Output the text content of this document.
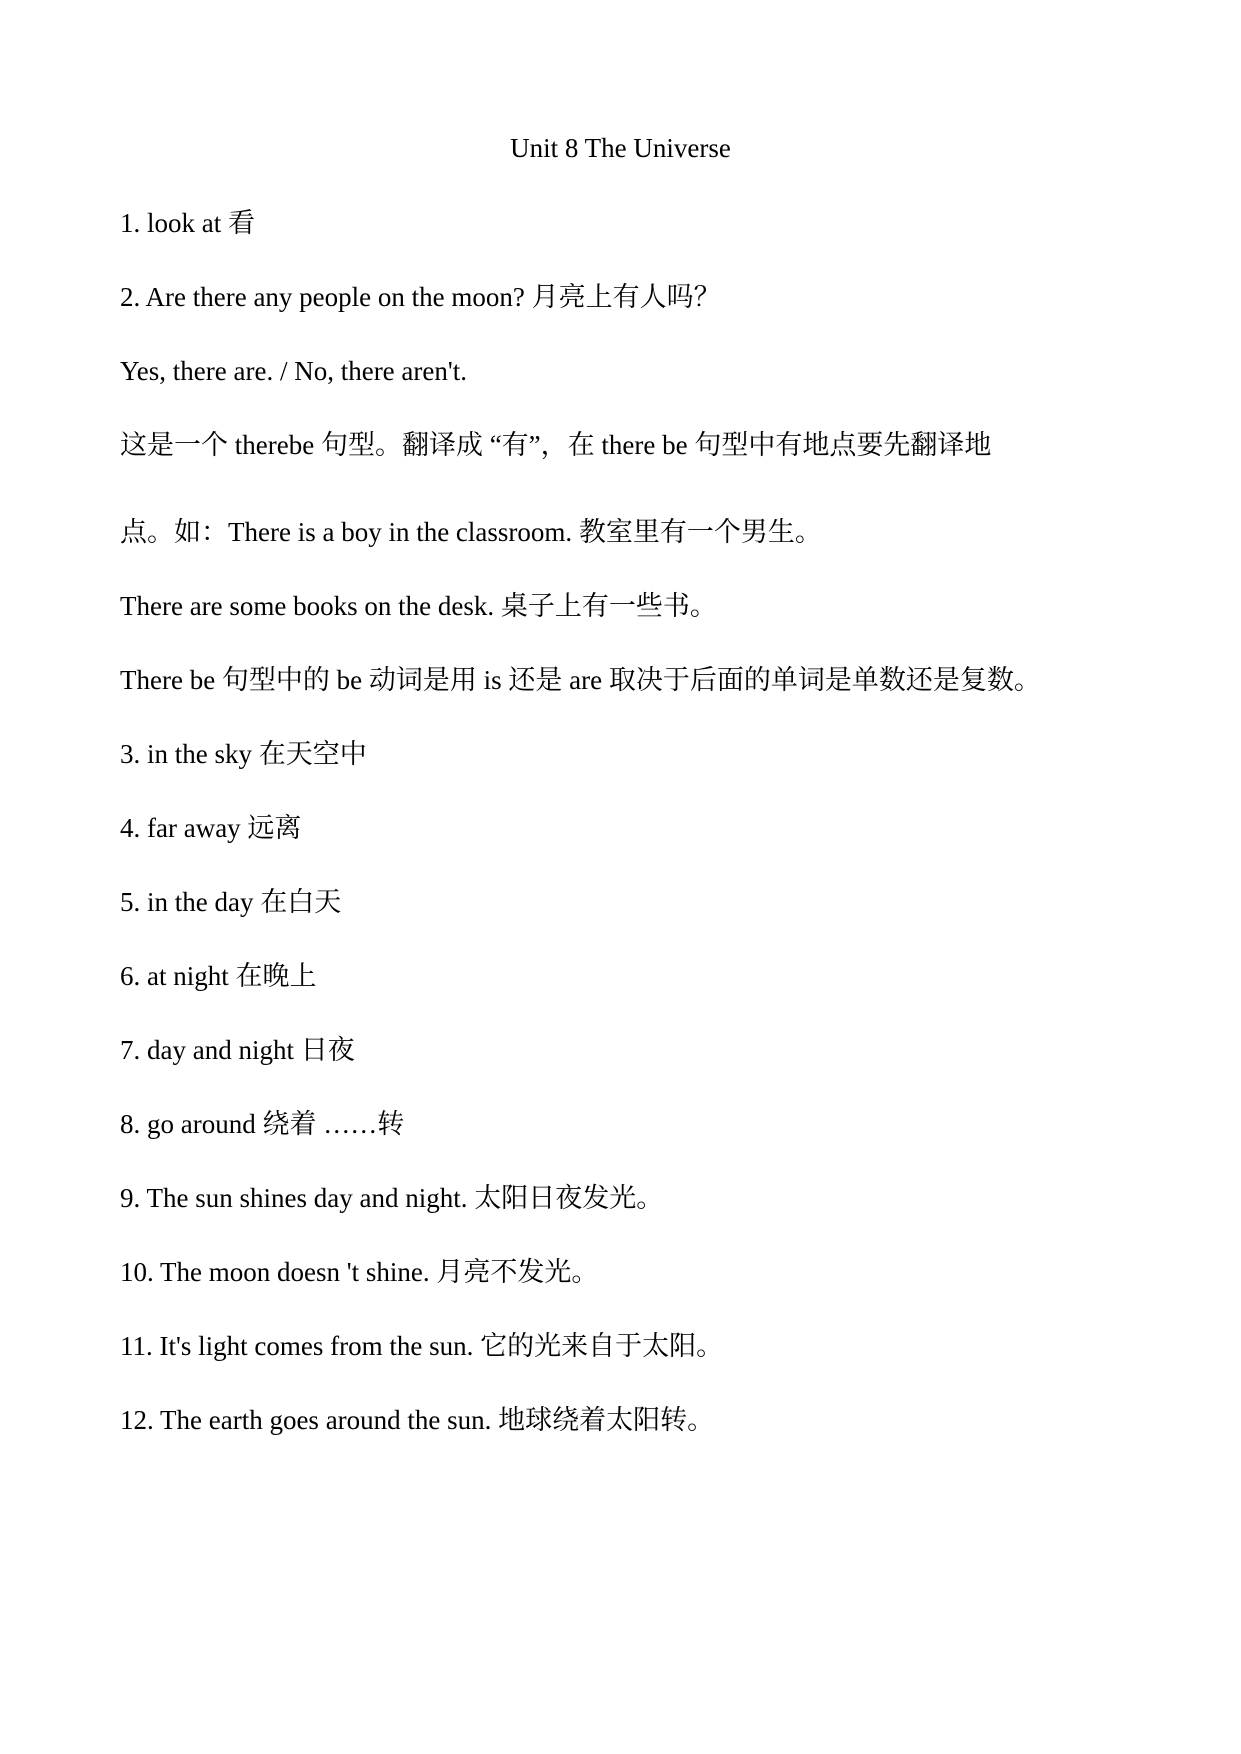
Unit 8 The Universe
1. look at 看
2. Are there any people on the moon? 月亮上有人吗？
Yes, there are. / No, there aren't.
这是一个 therebe 句型。翻译成 “有”，在 there be 句型中有地点要先翻译地
点。如：There is a boy in the classroom. 教室里有一个男生。
There are some books on the desk. 桌子上有一些书。
There be 句型中的 be 动词是用 is 还是 are 取决于后面的单词是单数还是复数。
3. in the sky 在天空中
4. far away 远离
5. in the day 在白天
6. at night 在晚上
7. day and night 日夜
8. go around 绕着 ……转
9. The sun shines day and night. 太阳日夜发光。
10. The moon doesn 't shine. 月亮不发光。
11. It's light comes from the sun. 它的光来自于太阳。
12. The earth goes around the sun. 地球绕着太阳转。
